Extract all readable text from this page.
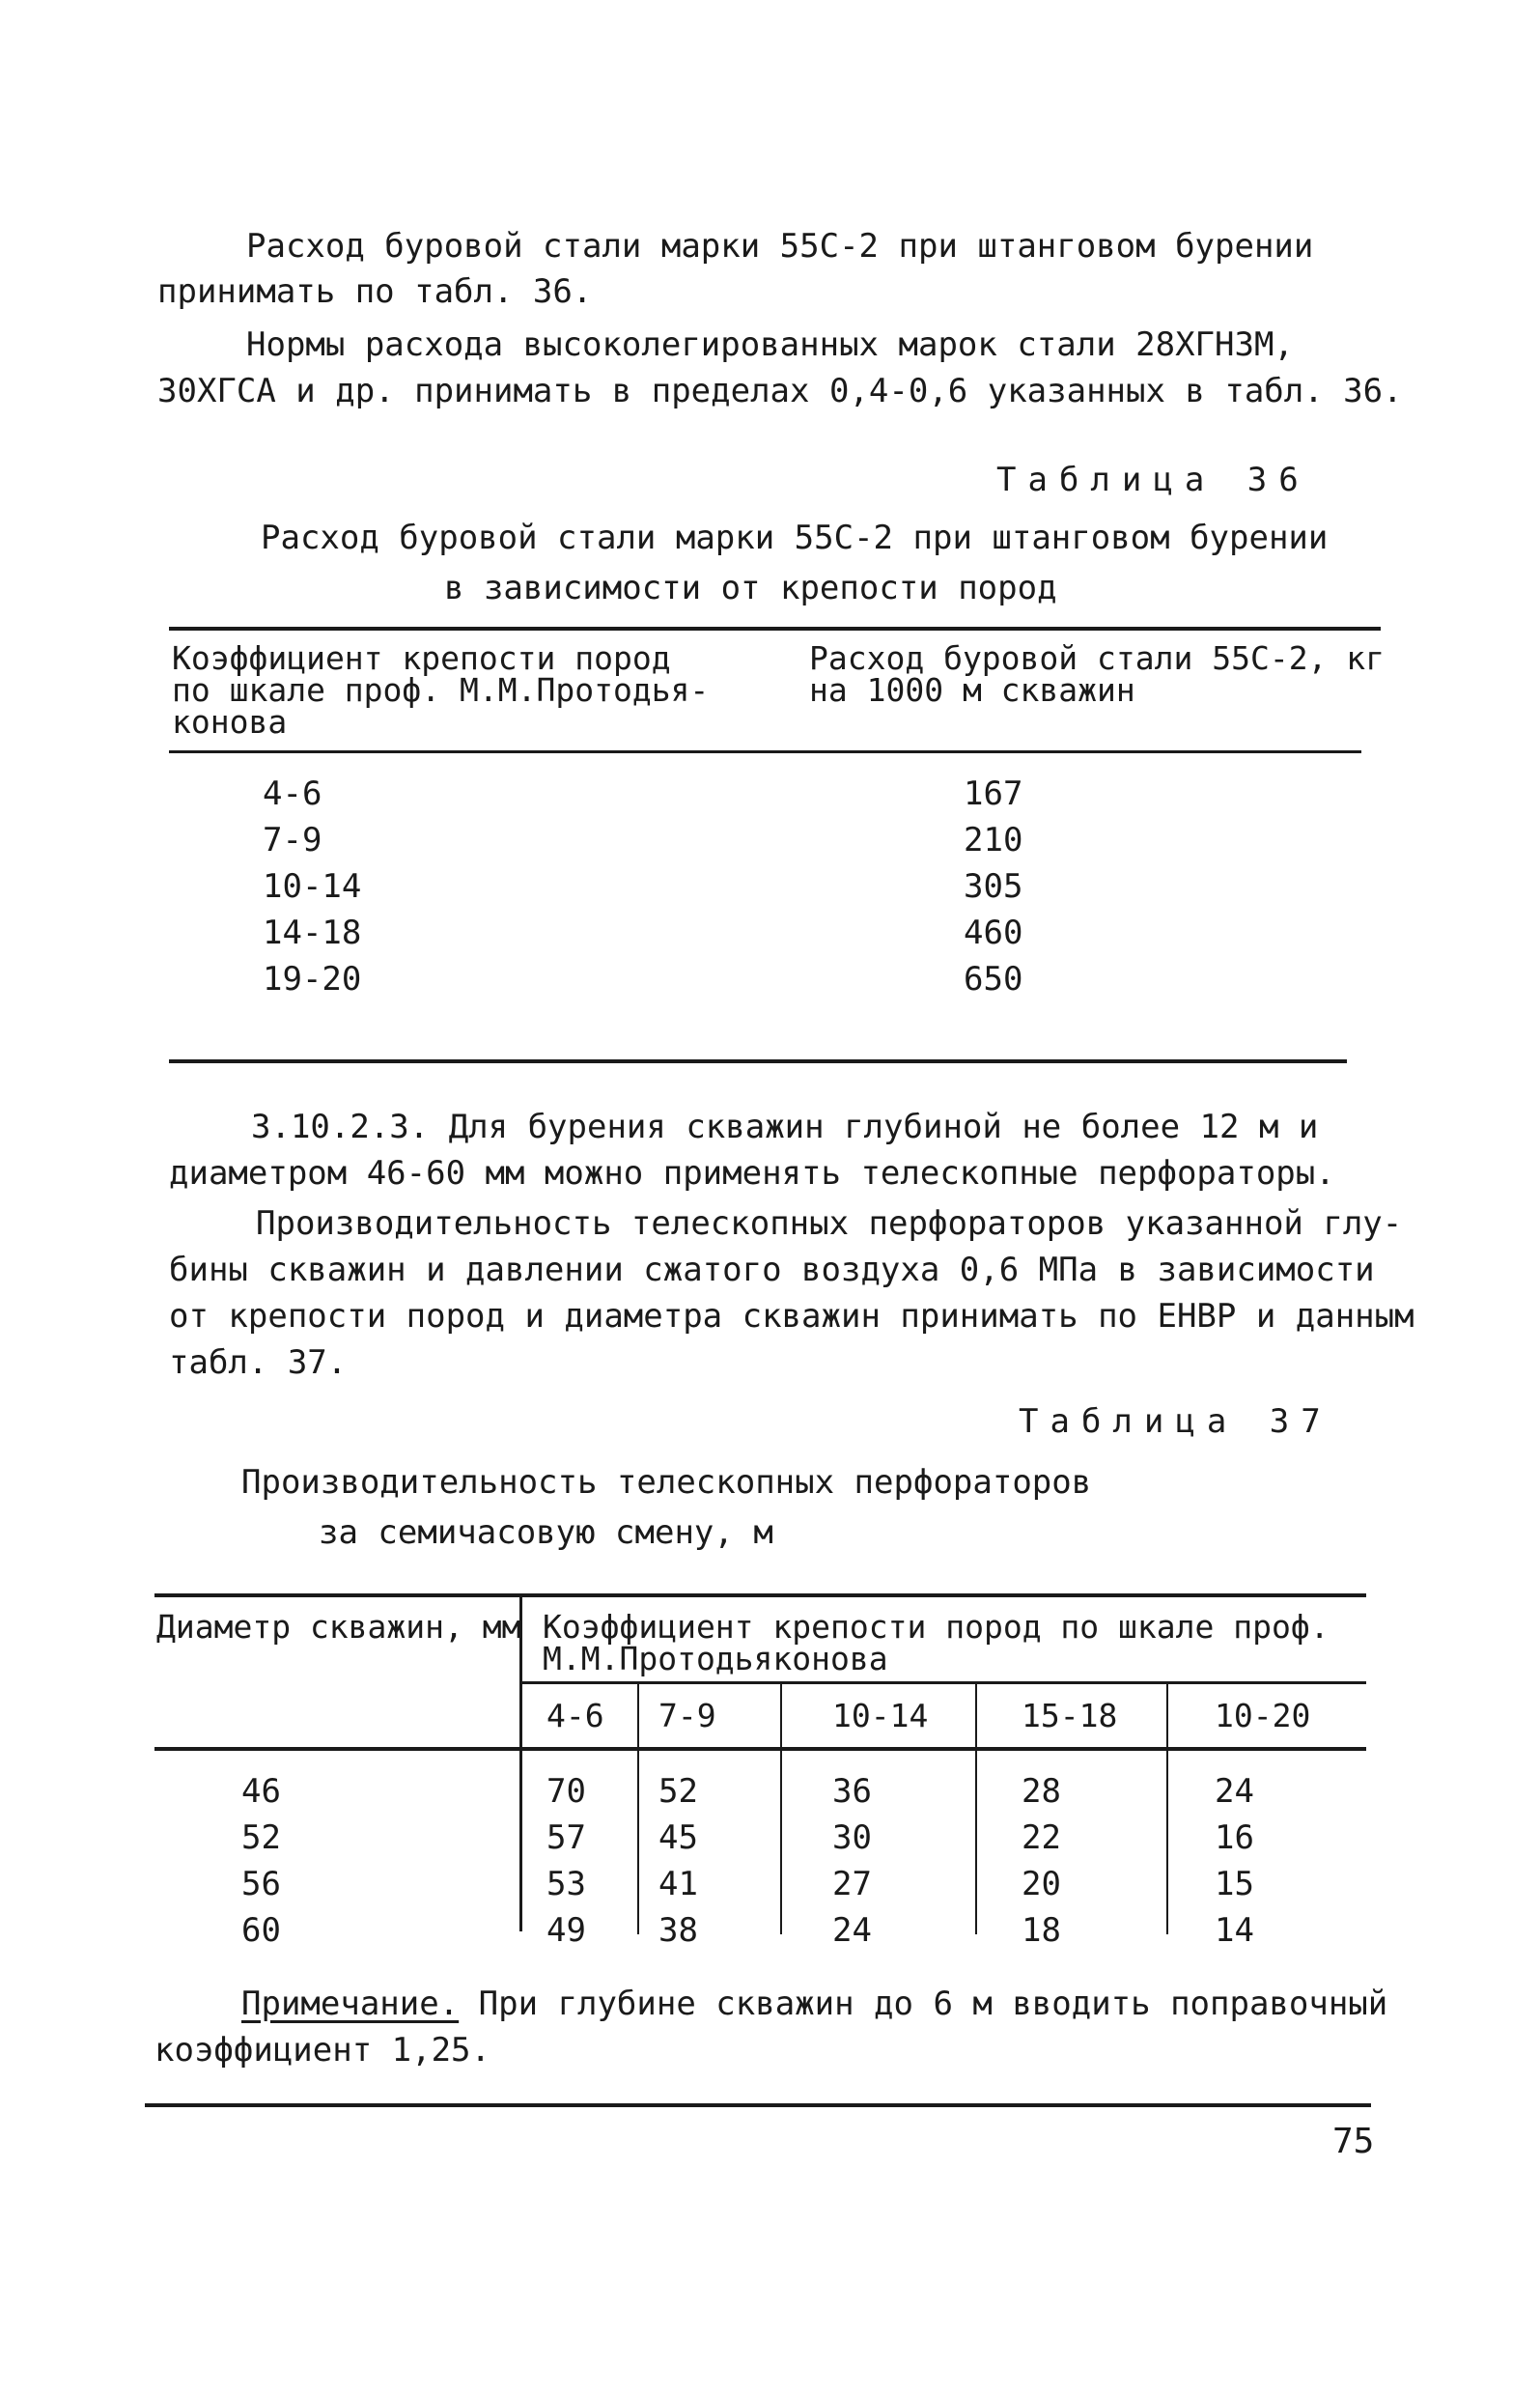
Расход буровой стали марки 55С-2 при штанговом бурении
принимать по табл. 36.
Нормы расхода высоколегированных марок стали 28ХГН3М,
30ХГСА и др. принимать в пределах 0,4-0,6 указанных в табл. 36.
Таблица 36
Расход буровой стали марки 55С-2 при штанговом бурении
в зависимости от крепости пород
Коэффициент крепости пород
по шкале проф. М.М.Протодья-
конова
Расход буровой стали 55С-2, кг
на 1000 м скважин
4-6	167
7-9	210
10-14	305
14-18	460
19-20	650
3.10.2.3. Для бурения скважин глубиной не более 12 м и
диаметром 46-60 мм можно применять телескопные перфораторы.
Производительность телескопных перфораторов указанной глу-
бины скважин и давлении сжатого воздуха 0,6 МПа в зависимости
от крепости пород и диаметра скважин принимать по ЕНВР и данным
табл. 37.
Таблица 37
Производительность телескопных перфораторов
за семичасовую смену, м
Диаметр скважин, мм Коэффициент крепости пород по шкале проф.
М.М.Протодьяконова
4-6 7-9	10-14	15-18	10-20
46	70 52	36	28	24
52	57 45	30	22	16
56	53 41	27	20	15
60	49 38	24	18	14
Примечание. При глубине скважин до 6 м вводить поправочный
коэффициент 1,25.
75
